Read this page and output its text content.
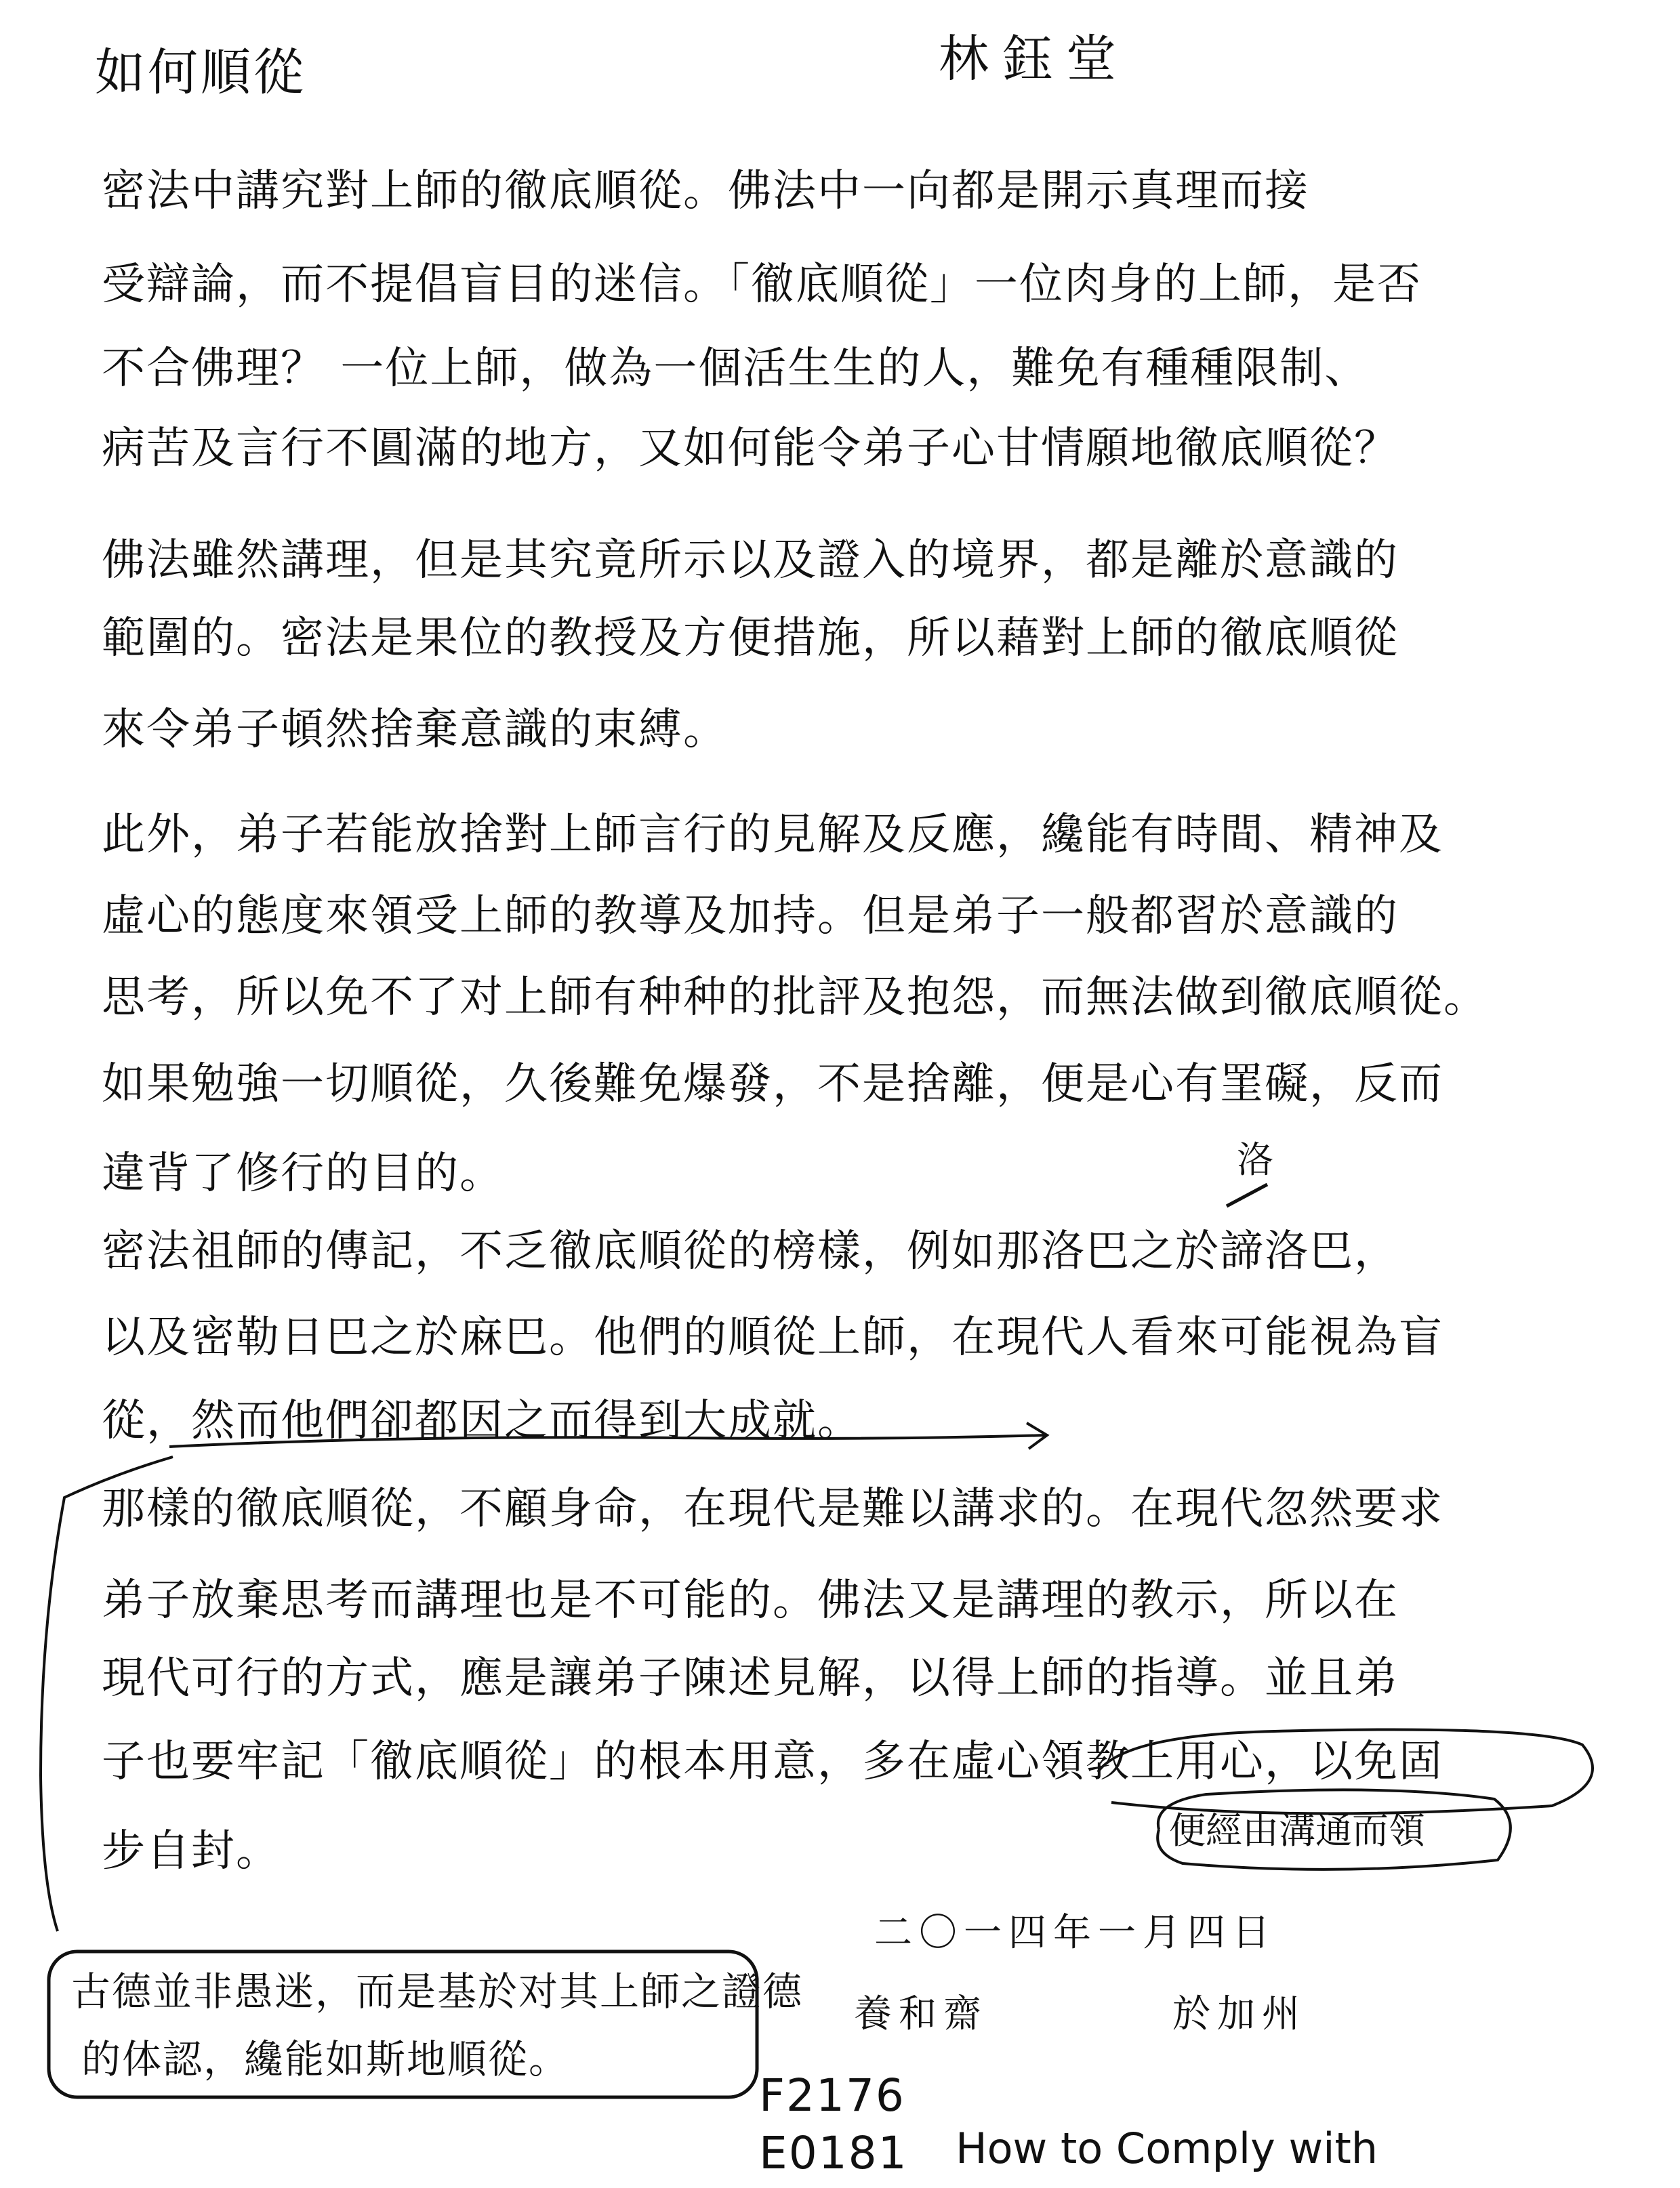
如何順從	林鈺堂
密法中講究對上師的徹底順從。佛法中一向都是開示真理而接
受辯論，而不提倡盲目的迷信。「徹底順從」一位肉身的上師，是否
不合佛理？ 一位上師，做為一個活生生的人，難免有種種限制、
病苦及言行不圓滿的地方，又如何能令弟子心甘情願地徹底順從？
佛法雖然講理，但是其究竟所示以及證入的境界，都是離於意識的
範圍的。密法是果位的教授及方便措施，所以藉對上師的徹底順從
來令弟子頓然捨棄意識的束縛。
此外，弟子若能放捨對上師言行的見解及反應，纔能有時間、精神及
虛心的態度來領受上師的教導及加持。但是弟子一般都習於意識的
思考，所以免不了对上師有种种的批評及抱怨，而無法做到徹底順從。
如果勉強一切順從，久後難免爆發，不是捨離，便是心有罣礙，反而
違背了修行的目的。	洛
密法祖師的傳記，不乏徹底順從的榜樣，例如那洛巴之於諦洛巴，
以及密勒日巴之於麻巴。他們的順從上師，在現代人看來可能視為盲
從，然而他們卻都因之而得到大成就。
那樣的徹底順從，不顧身命，在現代是難以講求的。在現代忽然要求
弟子放棄思考而講理也是不可能的。佛法又是講理的教示，所以在
現代可行的方式，應是讓弟子陳述見解，以得上師的指導。並且弟
子也要牢記「徹底順從」的根本用意，多在虛心領教上用心，以免固
步自封。	便經由溝通而領
二〇一四年一月四日
養和齋	於加州
古德並非愚迷，而是基於对其上師之證德
的体認，纔能如斯地順從。
F2176
E0181 How to Comply with
